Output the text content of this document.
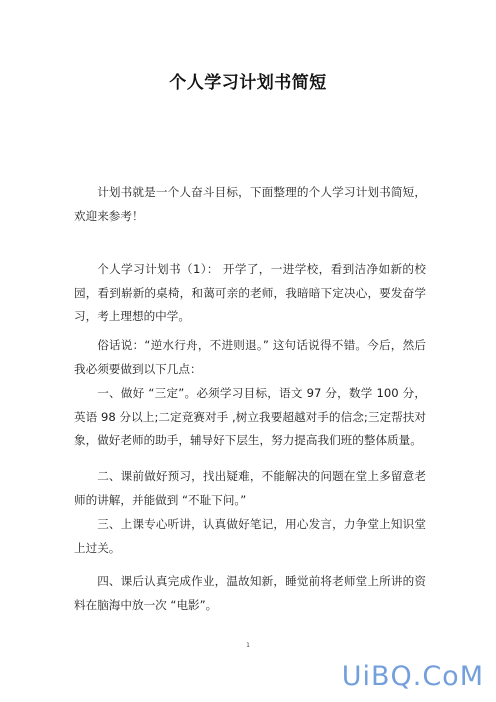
个人学习计划书简短

计划书就是一个人奋斗目标，下面整理的个人学习计划书简短，欢迎来参考！

个人学习计划书（1）： 开学了，一进学校，看到洁净如新的校园，看到崭新的桌椅，和蔼可亲的老师，我暗暗下定决心，要发奋学习，考上理想的中学。

俗话说：“逆水行舟，不进则退。” 这句话说得不错。今后，然后我必须要做到以下几点：

一、做好 “三定”。必须学习目标，语文 97 分，数学 100 分，英语 98 分以上;二定竞赛对手 ,树立我要超越对手的信念;三定帮扶对象，做好老师的助手，辅导好下层生，努力提高我们班的整体质量。

二、课前做好预习，找出疑难，不能解决的问题在堂上多留意老师的讲解，并能做到 “不耻下问。”

三、上课专心听讲，认真做好笔记，用心发言，力争堂上知识堂上过关。

四、课后认真完成作业，温故知新，睡觉前将老师堂上所讲的资料在脑海中放一次 “电影”。

1
UiBQ.CoM
